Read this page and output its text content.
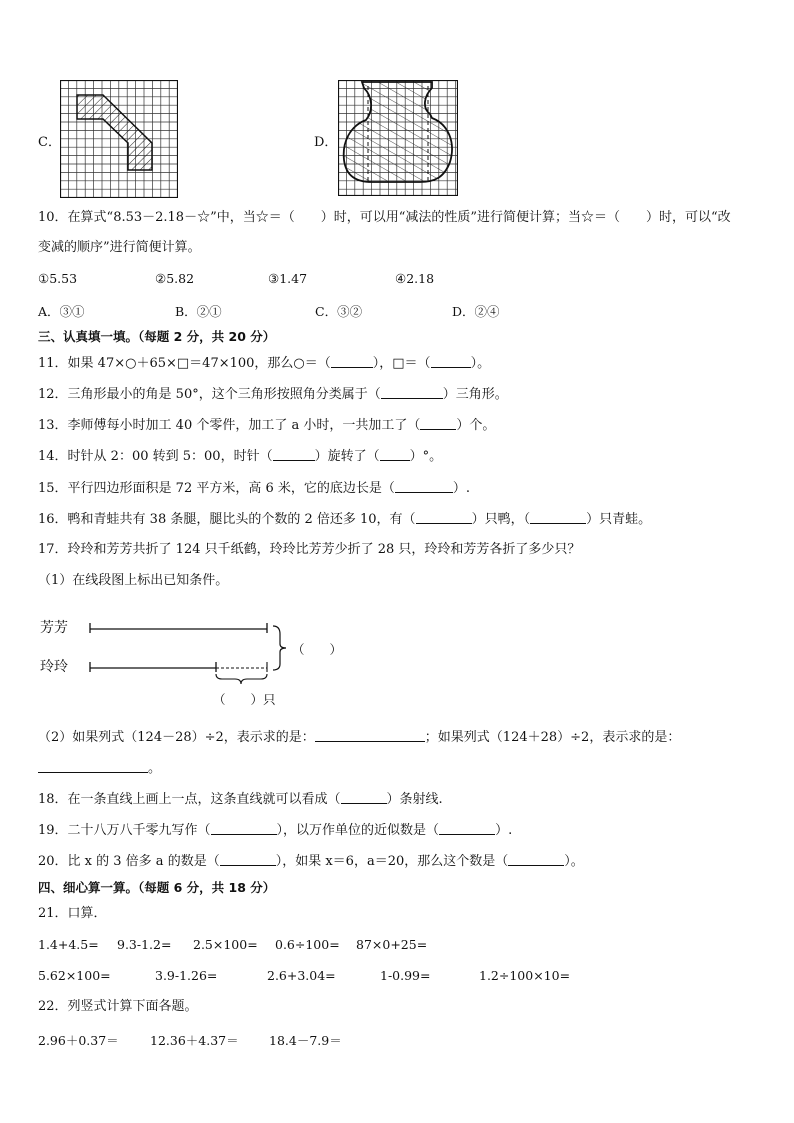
C．	D．
10．在算式“8.53－2.18－☆”中，当☆＝（　　）时，可以用“减法的性质”进行简便计算；当☆＝（　　）时，可以“改
变减的顺序”进行简便计算。
①5.53	②5.82	③1.47	④2.18
A．③①	B．②①	C．③②	D．②④
三、认真填一填。（每题 2 分，共 20 分）
11．如果 47×○＋65×□＝47×100，那么○＝（	），□＝（	）。
12．三角形最小的角是 50°，这个三角形按照角分类属于（	）三角形。
13．李师傅每小时加工 40 个零件，加工了 a 小时，一共加工了（	）个。
14．时针从 2：00 转到 5：00，时针（	）旋转了（ ）°。
15．平行四边形面积是 72 平方米，高 6 米，它的底边长是（	）.
16．鸭和青蛙共有 38 条腿，腿比头的个数的 2 倍还多 10，有（	）只鸭，（	）只青蛙。
17．玲玲和芳芳共折了 124 只千纸鹤，玲玲比芳芳少折了 28 只，玲玲和芳芳各折了多少只？
（1）在线段图上标出已知条件。
芳芳
玲玲
（　　）
（　　）只
（2）如果列式（124－28）÷2，表示求的是：	；如果列式（124＋28）÷2，表示求的是：
。
18．在一条直线上画上一点，这条直线就可以看成（	）条射线.
19．二十八万八千零九写作（	），以万作单位的近似数是（	）.
20．比 x 的 3 倍多 a 的数是（	），如果 x＝6，a＝20，那么这个数是（	）。
四、细心算一算。（每题 6 分，共 18 分）
21．口算．
1.4+4.5= 9.3-1.2= 2.5×100= 0.6÷100= 87×0+25=
5.62×100=	3.9-1.26=	2.6+3.04=	1-0.99=	1.2÷100×10=
22．列竖式计算下面各题。
2.96＋0.37＝	12.36＋4.37＝ 18.4－7.9＝
